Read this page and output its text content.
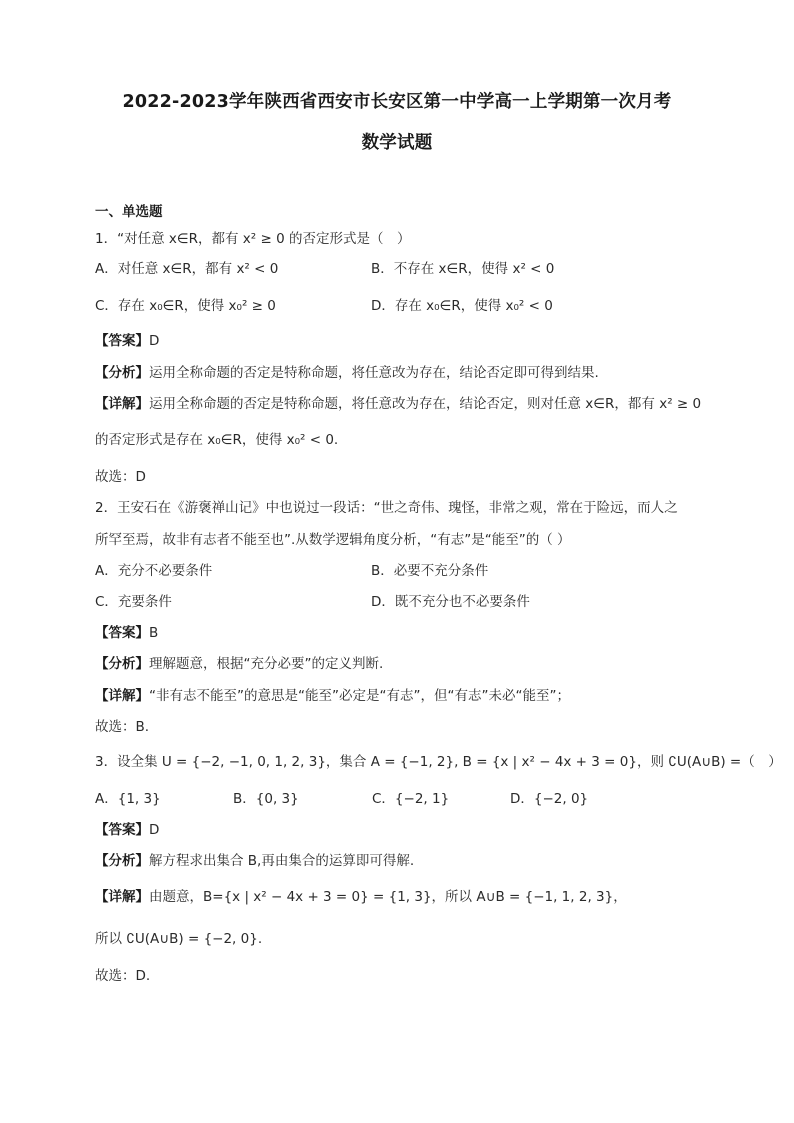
2022-2023学年陕西省西安市长安区第一中学高一上学期第一次月考
数学试题
一、单选题
1．“对任意 x∈R，都有 x² ≥ 0 的否定形式是（　）
A．对任意 x∈R，都有 x² < 0	B．不存在 x∈R，使得 x² < 0
C．存在 x₀∈R，使得 x₀² ≥ 0	D．存在 x₀∈R，使得 x₀² < 0
【答案】D
【分析】运用全称命题的否定是特称命题，将任意改为存在，结论否定即可得到结果.
【详解】运用全称命题的否定是特称命题，将任意改为存在，结论否定，则对任意 x∈R，都有 x² ≥ 0
的否定形式是存在 x₀∈R，使得 x₀² < 0.
故选：D
2．王安石在《游褒禅山记》中也说过一段话：“世之奇伟、瑰怪，非常之观，常在于险远，而人之
所罕至焉，故非有志者不能至也”.从数学逻辑角度分析，“有志”是“能至”的（ ）
A．充分不必要条件	B．必要不充分条件
C．充要条件	D．既不充分也不必要条件
【答案】B
【分析】理解题意，根据“充分必要”的定义判断.
【详解】“非有志不能至”的意思是“能至”必定是“有志”，但“有志”未必“能至”；
故选：B.
3．设全集 U = {−2, −1, 0, 1, 2, 3}，集合 A = {−1, 2}, B = {x | x² − 4x + 3 = 0}，则 ∁U(A∪B) =（　）
A．{1, 3}	B．{0, 3}	C．{−2, 1}	D．{−2, 0}
【答案】D
【分析】解方程求出集合 B,再由集合的运算即可得解.
【详解】由题意，B={x | x² − 4x + 3 = 0} = {1, 3}，所以 A∪B = {−1, 1, 2, 3}，
所以 ∁U(A∪B) = {−2, 0}.
故选：D.
